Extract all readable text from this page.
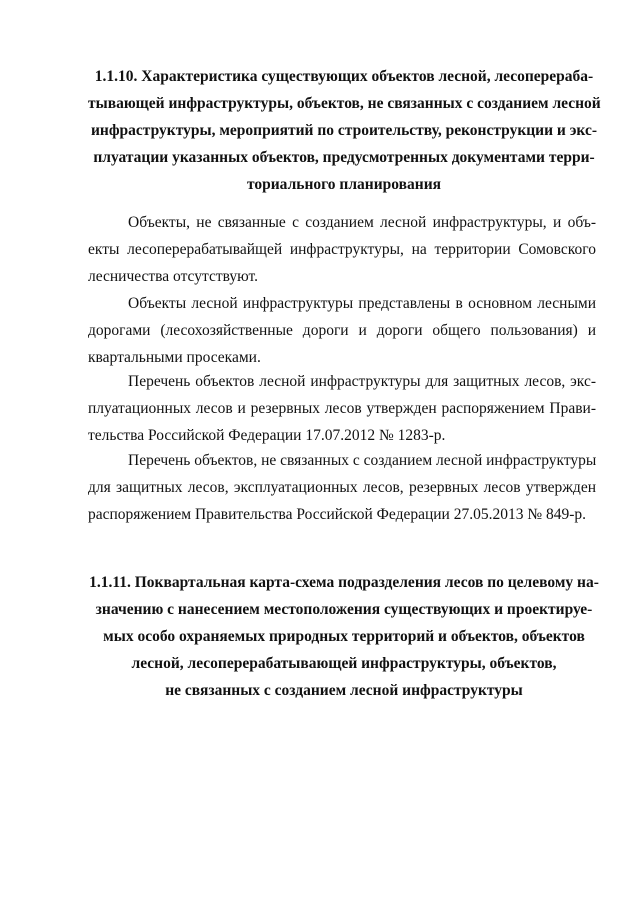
1.1.10. Характеристика существующих объектов лесной, лесоперераба-
тывающей инфраструктуры, объектов, не связанных с созданием лесной
инфраструктуры, мероприятий по строительству, реконструкции и экс-
плуатации указанных объектов, предусмотренных документами терри-
ториального планирования

Объекты, не связанные с созданием лесной инфраструктуры, и объ-
екты лесоперерабатывайщей инфраструктуры, на территории Сомовского
лесничества отсутствуют.

Объекты лесной инфраструктуры представлены в основном лесными
дорогами (лесохозяйственные дороги и дороги общего пользования) и
квартальными просеками.

Перечень объектов лесной инфраструктуры для защитных лесов, экс-
плуатационных лесов и резервных лесов утвержден распоряжением Прави-
тельства Российской Федерации 17.07.2012 № 1283-р.

Перечень объектов, не связанных с созданием лесной инфраструктуры
для защитных лесов, эксплуатационных лесов, резервных лесов утвержден
распоряжением Правительства Российской Федерации 27.05.2013 № 849-р.

1.1.11. Поквартальная карта-схема подразделения лесов по целевому на-
значению с нанесением местоположения существующих и проектируе-
мых особо охраняемых природных территорий и объектов, объектов
лесной, лесоперерабатывающей инфраструктуры, объектов,
не связанных с созданием лесной инфраструктуры
